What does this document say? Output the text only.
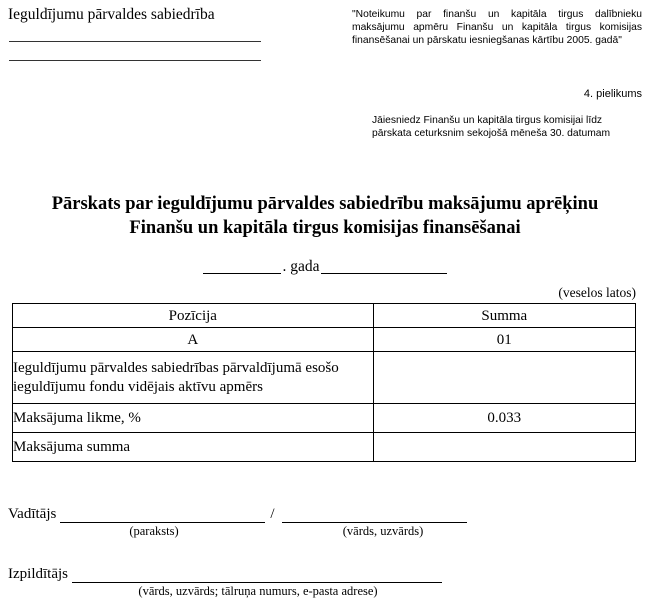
Ieguldījumu pārvaldes sabiedrība	"Noteikumu par finanšu un kapitāla tirgus dalībnieku maksājumu apmēru Finanšu un kapitāla tirgus komisijas finansēšanai un pārskatu iesniegšanas kārtību 2005. gadā"
4. pielikums
Jāiesniedz Finanšu un kapitāla tirgus komisijai līdz pārskata ceturksnim sekojošā mēneša 30. datumam
Pārskats par ieguldījumu pārvaldes sabiedrību maksājumu aprēķinu
Finanšu un kapitāla tirgus komisijas finansēšanai
. gada
(veselos latos)
Pozīcija	Summa
A	01
Ieguldījumu pārvaldes sabiedrības pārvaldījumā esošo ieguldījumu fondu vidējais aktīvu apmērs	
Maksājuma likme, %	0.033
Maksājuma summa	
Vadītājs	/
(paraksts)	(vārds, uzvārds)
Izpildītājs
(vārds, uzvārds; tālruņa numurs, e-pasta adrese)
